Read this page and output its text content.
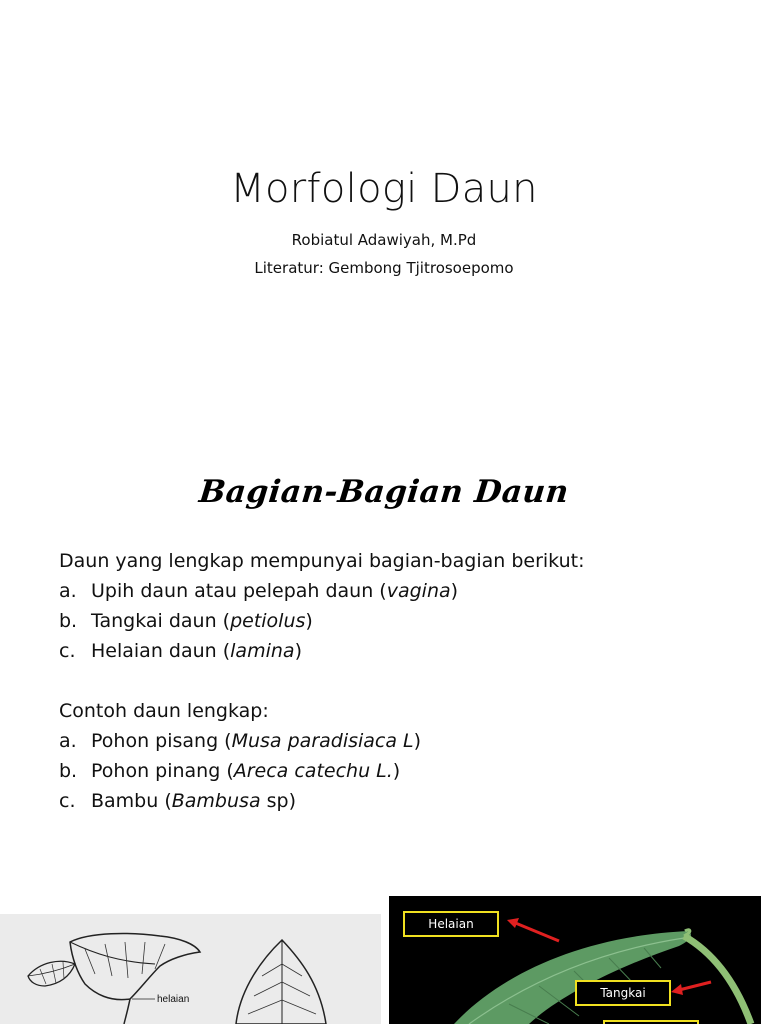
Morfologi Daun
Robiatul Adawiyah, M.Pd
Literatur: Gembong Tjitrosoepomo
Bagian-Bagian Daun
Daun yang lengkap mempunyai bagian-bagian berikut:
a. Upih daun atau pelepah daun (vagina)
b. Tangkai daun (petiolus)
c. Helaian daun (lamina)
Contoh daun lengkap:
a. Pohon pisang (Musa paradisiaca L)
b. Pohon pinang (Areca catechu L.)
c. Bambu (Bambusa sp)
helaian
Helaian
Tangkai
